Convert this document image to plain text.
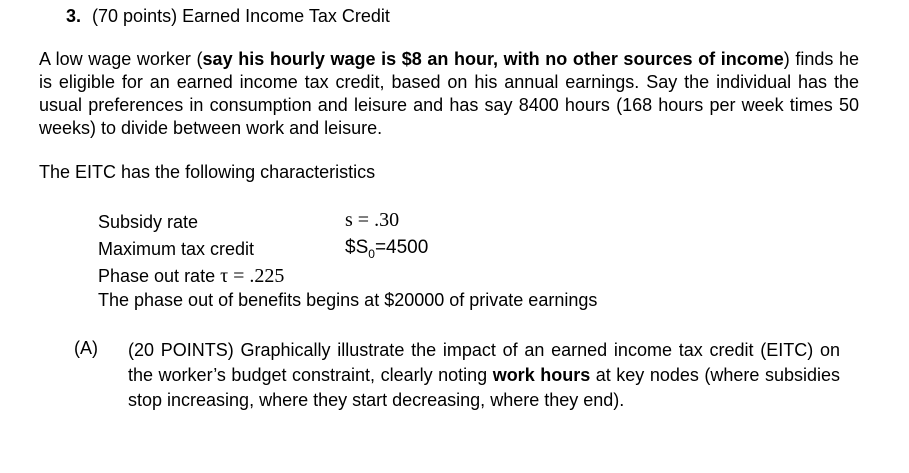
3. (70 points) Earned Income Tax Credit
A low wage worker (say his hourly wage is $8 an hour, with no other sources of income) finds he is eligible for an earned income tax credit, based on his annual earnings. Say the individual has the usual preferences in consumption and leisure and has say 8400 hours (168 hours per week times 50 weeks) to divide between work and leisure.
The EITC has the following characteristics
Subsidy rate	s = .30
Maximum tax credit	$\$S_0=4500$
Phase out rate τ = .225
The phase out of benefits begins at $20000 of private earnings
(A) (20 POINTS) Graphically illustrate the impact of an earned income tax credit (EITC) on the worker’s budget constraint, clearly noting work hours at key nodes (where subsidies stop increasing, where they start decreasing, where they end).
